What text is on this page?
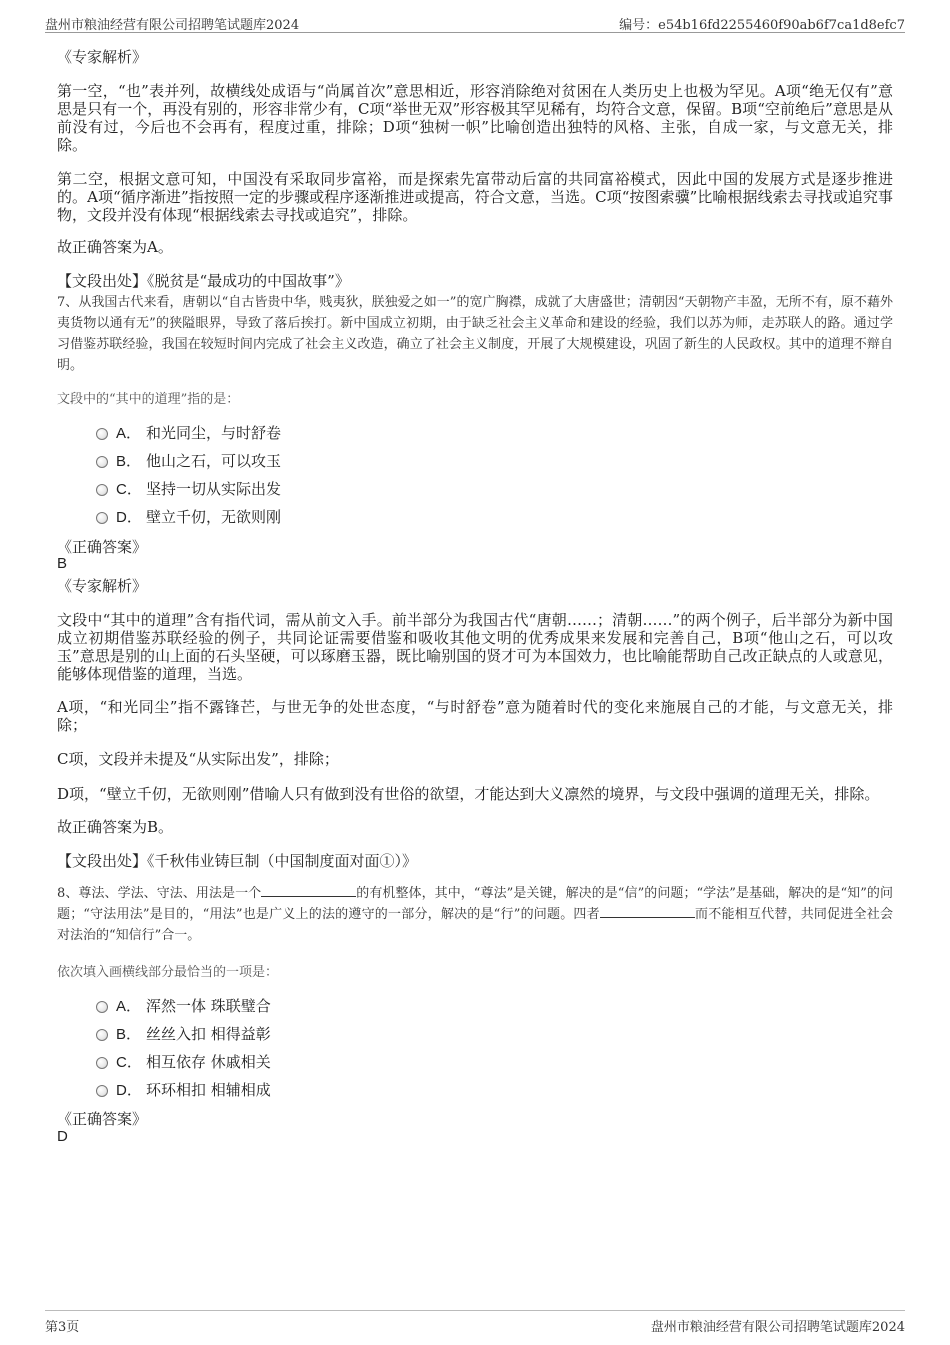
盘州市粮油经营有限公司招聘笔试题库2024	编号：e54b16fd2255460f90ab6f7ca1d8efc7
《专家解析》

第一空，“也”表并列，故横线处成语与“尚属首次”意思相近，形容消除绝对贫困在人类历史上也极为罕见。A项“绝无仅有”意思是只有一个，再没有别的，形容非常少有，C项“举世无双”形容极其罕见稀有，均符合文意，保留。B项“空前绝后”意思是从前没有过，今后也不会再有，程度过重，排除；D项“独树一帜”比喻创造出独特的风格、主张，自成一家，与文意无关，排除。

第二空，根据文意可知，中国没有采取同步富裕，而是探索先富带动后富的共同富裕模式，因此中国的发展方式是逐步推进的。A项“循序渐进”指按照一定的步骤或程序逐渐推进或提高，符合文意，当选。C项“按图索骥”比喻根据线索去寻找或追究事物，文段并没有体现“根据线索去寻找或追究”，排除。

故正确答案为A。
【文段出处】《脱贫是“最成功的中国故事”》
7、从我国古代来看，唐朝以“自古皆贵中华，贱夷狄，朕独爱之如一”的宽广胸襟，成就了大唐盛世；清朝因“天朝物产丰盈，无所不有，原不藉外夷货物以通有无”的狭隘眼界，导致了落后挨打。新中国成立初期，由于缺乏社会主义革命和建设的经验，我们以苏为师，走苏联人的路。通过学习借鉴苏联经验，我国在较短时间内完成了社会主义改造，确立了社会主义制度，开展了大规模建设，巩固了新生的人民政权。其中的道理不辩自明。
文段中的“其中的道理”指的是：
A． 和光同尘，与时舒卷
B． 他山之石，可以攻玉
C． 坚持一切从实际出发
D． 壁立千仞，无欲则刚
《正确答案》
B
《专家解析》

文段中“其中的道理”含有指代词，需从前文入手。前半部分为我国古代“唐朝……；清朝……”的两个例子，后半部分为新中国成立初期借鉴苏联经验的例子，共同论证需要借鉴和吸收其他文明的优秀成果来发展和完善自己，B项“他山之石，可以攻玉”意思是别的山上面的石头坚硬，可以琢磨玉器，既比喻别国的贤才可为本国效力，也比喻能帮助自己改正缺点的人或意见，能够体现借鉴的道理，当选。

A项，“和光同尘”指不露锋芒，与世无争的处世态度，“与时舒卷”意为随着时代的变化来施展自己的才能，与文意无关，排除；

C项，文段并未提及“从实际出发”，排除；

D项，“壁立千仞，无欲则刚”借喻人只有做到没有世俗的欲望，才能达到大义凛然的境界，与文段中强调的道理无关，排除。

故正确答案为B。
【文段出处】《千秋伟业铸巨制（中国制度面对面①）》
8、尊法、学法、守法、用法是一个	的有机整体，其中，“尊法”是关键，解决的是“信”的问题；“学法”是基础，解决的是“知”的问题；“守法用法”是目的，“用法”也是广义上的法的遵守的一部分，解决的是“行”的问题。四者	而不能相互代替，共同促进全社会对法治的“知信行”合一。
依次填入画横线部分最恰当的一项是：
A． 浑然一体 珠联璧合
B． 丝丝入扣 相得益彰
C． 相互依存 休戚相关
D． 环环相扣 相辅相成
《正确答案》
D
第3页	盘州市粮油经营有限公司招聘笔试题库2024
